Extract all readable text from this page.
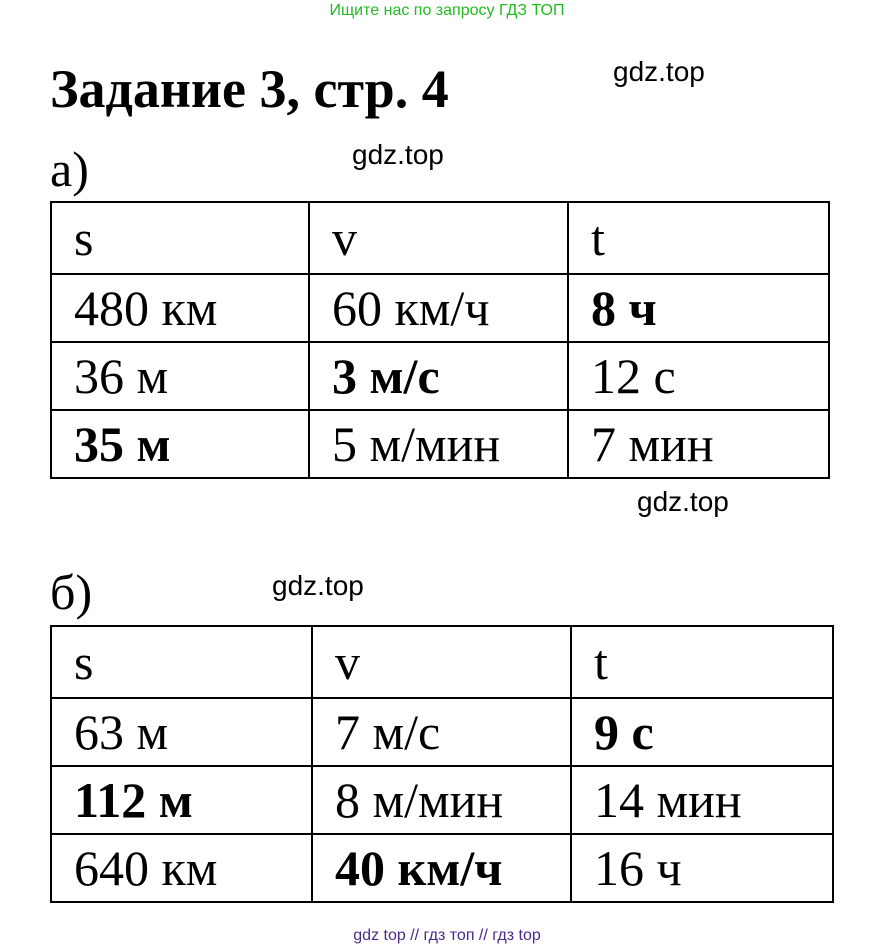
Ищите нас по запросу ГДЗ ТОП
Задание 3, стр. 4	gdz.top
gdz.top
а)
s	v	t
480 км	60 км/ч	8 ч
36 м	3 м/с	12 с
35 м	5 м/мин	7 мин
gdz.top
б)	gdz.top
s	v	t
63 м	7 м/с	9 с
112 м	8 м/мин	14 мин
640 км	40 км/ч	16 ч
gdz top // гдз топ // гдз top
